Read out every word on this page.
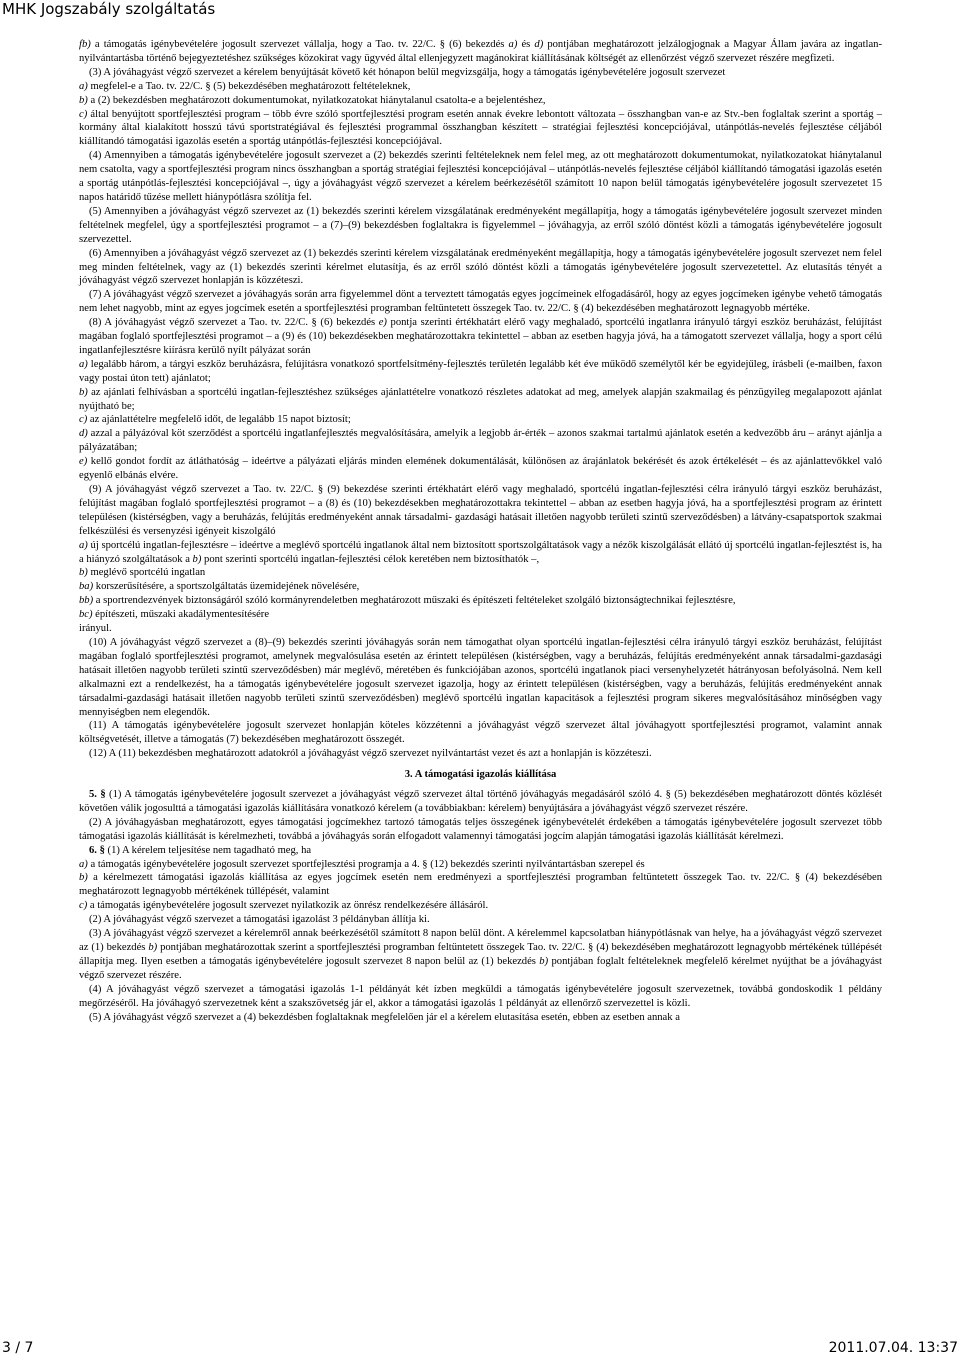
MHK Jogszabály szolgáltatás

fb) a támogatás igénybevételére jogosult szervezet vállalja, hogy a Tao. tv. 22/C. § (6) bekezdés a) és d) pontjában meghatározott jelzálogjognak a Magyar Állam javára az ingatlan-nyilvántartásba történő bejegyeztetéshez szükséges közokirat vagy ügyvéd által ellenjegyzett magánokirat kiállításának költségét az ellenőrzést végző szervezet részére megfizeti.

(3) A jóváhagyást végző szervezet a kérelem benyújtását követő két hónapon belül megvizsgálja, hogy a támogatás igénybevételére jogosult szervezet

a) megfelel-e a Tao. tv. 22/C. § (5) bekezdésében meghatározott feltételeknek,

b) a (2) bekezdésben meghatározott dokumentumokat, nyilatkozatokat hiánytalanul csatolta-e a bejelentéshez,

c) által benyújtott sportfejlesztési program – több évre szóló sportfejlesztési program esetén annak évekre lebontott változata – összhangban van-e az Stv.-ben foglaltak szerint a sportág – kormány által kialakított hosszú távú sportstratégiával és fejlesztési programmal összhangban készített – stratégiai fejlesztési koncepciójával, utánpótlás-nevelés fejlesztése céljából kiállítandó támogatási igazolás esetén a sportág utánpótlás-fejlesztési koncepciójával.

(4) Amennyiben a támogatás igénybevételére jogosult szervezet a (2) bekezdés szerinti feltételeknek nem felel meg, az ott meghatározott dokumentumokat, nyilatkozatokat hiánytalanul nem csatolta, vagy a sportfejlesztési program nincs összhangban a sportág stratégiai fejlesztési koncepciójával – utánpótlás-nevelés fejlesztése céljából kiállítandó támogatási igazolás esetén a sportág utánpótlás-fejlesztési koncepciójával –, úgy a jóváhagyást végző szervezet a kérelem beérkezésétől számított 10 napon belül támogatás igénybevételére jogosult szervezetet 15 napos határidő tűzése mellett hiánypótlásra szólítja fel.

(5) Amennyiben a jóváhagyást végző szervezet az (1) bekezdés szerinti kérelem vizsgálatának eredményeként megállapítja, hogy a támogatás igénybevételére jogosult szervezet minden feltételnek megfelel, úgy a sportfejlesztési programot – a (7)–(9) bekezdésben foglaltakra is figyelemmel – jóváhagyja, az erről szóló döntést közli a támogatás igénybevételére jogosult szervezettel.

(6) Amennyiben a jóváhagyást végző szervezet az (1) bekezdés szerinti kérelem vizsgálatának eredményeként megállapítja, hogy a támogatás igénybevételére jogosult szervezet nem felel meg minden feltételnek, vagy az (1) bekezdés szerinti kérelmet elutasítja, és az erről szóló döntést közli a támogatás igénybevételére jogosult szervezetettel. Az elutasítás tényét a jóváhagyást végző szervezet honlapján is közzéteszi.

(7) A jóváhagyást végző szervezet a jóváhagyás során arra figyelemmel dönt a terveztett támogatás egyes jogcímeinek elfogadásáról, hogy az egyes jogcímeken igénybe vehető támogatás nem lehet nagyobb, mint az egyes jogcímek esetén a sportfejlesztési programban feltüntetett összegek Tao. tv. 22/C. § (4) bekezdésében meghatározott legnagyobb mértéke.

(8) A jóváhagyást végző szervezet a Tao. tv. 22/C. § (6) bekezdés e) pontja szerinti értékhatárt elérő vagy meghaladó, sportcélú ingatlanra irányuló tárgyi eszköz beruházást, felújítást magában foglaló sportfejlesztési programot – a (9) és (10) bekezdésekben meghatározottakra tekintettel – abban az esetben hagyja jóvá, ha a támogatott szervezet vállalja, hogy a sport célú ingatlanfejlesztésre kiírásra kerülő nyílt pályázat során

a) legalább három, a tárgyi eszköz beruházásra, felújításra vonatkozó sportfelsítmény-fejlesztés területén legalább két éve működő személytől kér be egyidejűleg, írásbeli (e-mailben, faxon vagy postai úton tett) ajánlatot;

b) az ajánlati felhívásban a sportcélú ingatlan-fejlesztéshez szükséges ajánlattételre vonatkozó részletes adatokat ad meg, amelyek alapján szakmailag és pénzügyileg megalapozott ajánlat nyújtható be;

c) az ajánlattételre megfelelő időt, de legalább 15 napot biztosít;

d) azzal a pályázóval köt szerződést a sportcélú ingatlanfejlesztés megvalósítására, amelyik a legjobb ár-érték – azonos szakmai tartalmú ajánlatok esetén a kedvezőbb áru – arányt ajánlja a pályázatában;

e) kellő gondot fordít az átláthatóság – ideértve a pályázati eljárás minden elemének dokumentálását, különösen az árajánlatok bekérését és azok értékelését – és az ajánlattevőkkel való egyenlő elbánás elvére.

(9) A jóváhagyást végző szervezet a Tao. tv. 22/C. § (9) bekezdése szerinti értékhatárt elérő vagy meghaladó, sportcélú ingatlan-fejlesztési célra irányuló tárgyi eszköz beruházást, felújítást magában foglaló sportfejlesztési programot – a (8) és (10) bekezdésekben meghatározottakra tekintettel – abban az esetben hagyja jóvá, ha a sportfejlesztési program az érintett településen (kistérségben, vagy a beruházás, felújítás eredményeként annak társadalmi- gazdasági hatásait illetően nagyobb területi szintű szerveződésben) a látvány-csapatsportok szakmai felkészülési és versenyzési igényeit kiszolgáló

a) új sportcélú ingatlan-fejlesztésre – ideértve a meglévő sportcélú ingatlanok által nem biztosított sportszolgáltatások vagy a nézők kiszolgálását ellátó új sportcélú ingatlan-fejlesztést is, ha a hiányzó szolgáltatások a b) pont szerinti sportcélú ingatlan-fejlesztési célok keretében nem biztosíthatók –,

b) meglévő sportcélú ingatlan

ba) korszerűsítésére, a sportszolgáltatás üzemidejének növelésére,

bb) a sportrendezvények biztonságáról szóló kormányrendeletben meghatározott műszaki és építészeti feltételeket szolgáló biztonságtechnikai fejlesztésre,

bc) építészeti, műszaki akadálymentesítésére

irányul.

(10) A jóváhagyást végző szervezet a (8)–(9) bekezdés szerinti jóváhagyás során nem támogathat olyan sportcélú ingatlan-fejlesztési célra irányuló tárgyi eszköz beruházást, felújítást magában foglaló sportfejlesztési programot, amelynek megvalósulása esetén az érintett településen (kistérségben, vagy a beruházás, felújítás eredményeként annak társadalmi-gazdasági hatásait illetően nagyobb területi szintű szerveződésben) már meglévő, méretében és funkciójában azonos, sportcélú ingatlanok piaci versenyhelyzetét hátrányosan befolyásolná. Nem kell alkalmazni ezt a rendelkezést, ha a támogatás igénybevételére jogosult szervezet igazolja, hogy az érintett településen (kistérségben, vagy a beruházás, felújítás eredményeként annak társadalmi-gazdasági hatásait illetően nagyobb területi szintű szerveződésben) meglévő sportcélú ingatlan kapacitások a fejlesztési program sikeres megvalósításához minőségben vagy mennyiségben nem elegendők.

(11) A támogatás igénybevételére jogosult szervezet honlapján köteles közzétenni a jóváhagyást végző szervezet által jóváhagyott sportfejlesztési programot, valamint annak költségvetését, illetve a támogatás (7) bekezdésében meghatározott összegét.

(12) A (11) bekezdésben meghatározott adatokról a jóváhagyást végző szervezet nyilvántartást vezet és azt a honlapján is közzéteszi.

3. A támogatási igazolás kiállítása

5. § (1) A támogatás igénybevételére jogosult szervezet a jóváhagyást végző szervezet által történő jóváhagyás megadásáról szóló 4. § (5) bekezdésében meghatározott döntés közlését követően válik jogosulttá a támogatási igazolás kiállítására vonatkozó kérelem (a továbbiakban: kérelem) benyújtására a jóváhagyást végző szervezet részére.

(2) A jóváhagyásban meghatározott, egyes támogatási jogcímekhez tartozó támogatás teljes összegének igénybevételét érdekében a támogatás igénybevételére jogosult szervezet több támogatási igazolás kiállítását is kérelmezheti, továbbá a jóváhagyás során elfogadott valamennyi támogatási jogcím alapján támogatási igazolás kiállítását kérelmezi.

6. § (1) A kérelem teljesítése nem tagadható meg, ha

a) a támogatás igénybevételére jogosult szervezet sportfejlesztési programja a 4. § (12) bekezdés szerinti nyilvántartásban szerepel és

b) a kérelmezett támogatási igazolás kiállítása az egyes jogcímek esetén nem eredményezi a sportfejlesztési programban feltüntetett összegek Tao. tv. 22/C. § (4) bekezdésében meghatározott legnagyobb mértékének túllépését, valamint

c) a támogatás igénybevételére jogosult szervezet nyilatkozik az önrész rendelkezésére állásáról.

(2) A jóváhagyást végző szervezet a támogatási igazolást 3 példányban állítja ki.

(3) A jóváhagyást végző szervezet a kérelemről annak beérkezésétől számított 8 napon belül dönt. A kérelemmel kapcsolatban hiánypótlásnak van helye, ha a jóváhagyást végző szervezet az (1) bekezdés b) pontjában meghatározottak szerint a sportfejlesztési programban feltüntetett összegek Tao. tv. 22/C. § (4) bekezdésében meghatározott legnagyobb mértékének túllépését állapítja meg. Ilyen esetben a támogatás igénybevételére jogosult szervezet 8 napon belül az (1) bekezdés b) pontjában foglalt feltételeknek megfelelő kérelmet nyújthat be a jóváhagyást végző szervezet részére.

(4) A jóváhagyást végző szervezet a támogatási igazolás 1-1 példányát két ízben megküldi a támogatás igénybevételére jogosult szervezetnek, továbbá gondoskodik 1 példány megőrzéséről. Ha jóváhagyó szervezetnek ként a szakszövetség jár el, akkor a támogatási igazolás 1 példányát az ellenőrző szervezettel is közli.

(5) A jóváhagyást végző szervezet a (4) bekezdésben foglaltaknak megfelelően jár el a kérelem elutasítása esetén, ebben az esetben annak a

3 / 7	2011.07.04. 13:37
